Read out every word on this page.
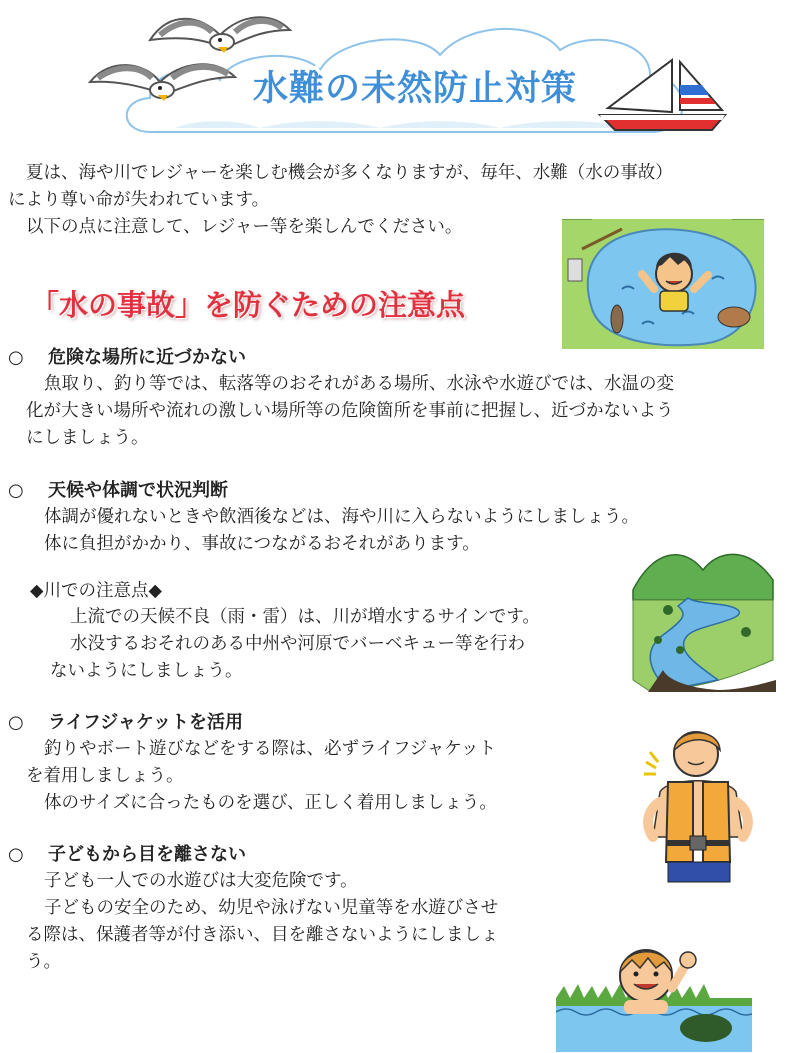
水難の未然防止対策

夏は、海や川でレジャーを楽しむ機会が多くなりますが、毎年、水難（水の事故）

により尊い命が失われています。

以下の点に注意して、レジャー等を楽しんでください。

「水の事故」を防ぐための注意点
○ 危険な場所に近づかない

魚取り、釣り等では、転落等のおそれがある場所、水泳や水遊びでは、水温の変

化が大きい場所や流れの激しい場所等の危険箇所を事前に把握し、近づかないよう

にしましょう。

○ 天候や体調で状況判断

体調が優れないときや飲酒後などは、海や川に入らないようにしましょう。

体に負担がかかり、事故につながるおそれがあります。

◆川での注意点◆

上流での天候不良（雨・雷）は、川が増水するサインです。

水没するおそれのある中州や河原でバーベキュー等を行わ

ないようにしましょう。

○ ライフジャケットを活用

釣りやボート遊びなどをする際は、必ずライフジャケット

を着用しましょう。

体のサイズに合ったものを選び、正しく着用しましょう。

○ 子どもから目を離さない

子ども一人での水遊びは大変危険です。

子どもの安全のため、幼児や泳げない児童等を水遊びさせ

る際は、保護者等が付き添い、目を離さないようにしましょ

う。
